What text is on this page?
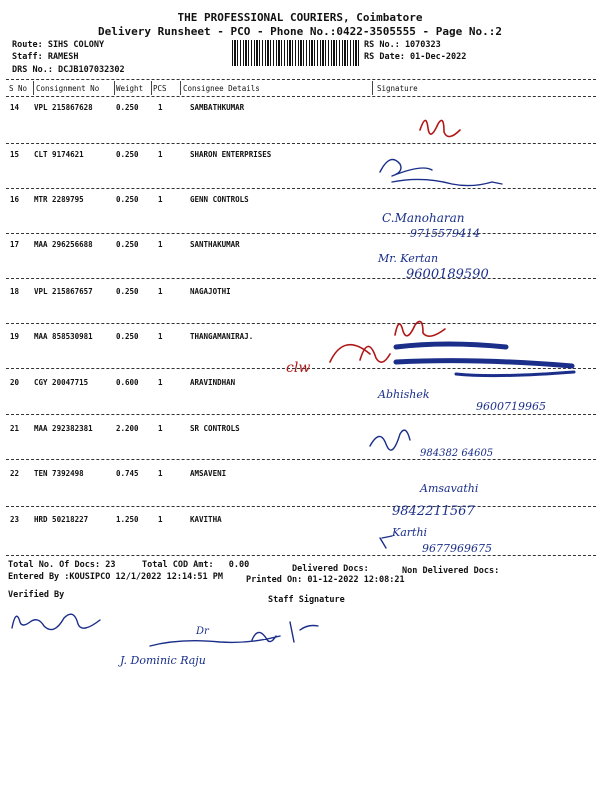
THE PROFESSIONAL COURIERS, Coimbatore
Delivery Runsheet - PCO - Phone No.:0422-3505555 - Page No.:2
Route: SIHS COLONY
Staff: RAMESH
DRS No.: DCJB107032302
RS No.: 1070323
RS Date: 01-Dec-2022
S No Consignment No Weight PCS Consignee Details	Signature
14 VPL 215867628	0.250	1	SAMBATHKUMAR
15 CLT 9174621	0.250	1	SHARON ENTERPRISES
16 MTR 2289795	0.250	1	GENN CONTROLS
17 MAA 296256688	0.250	1	SANTHAKUMAR
18 VPL 215867657	0.250	1	NAGAJOTHI
19 MAA 858530981	0.250	1	THANGAMANIRAJ.
20 CGY 20047715	0.600	1	ARAVINDHAN
21 MAA 292382381	2.200	1	SR CONTROLS
22 TEN 7392498	0.745	1	AMSAVENI
23 HRD 50218227	1.250	1	KAVITHA
C.Manoharan
9715579414
Mr. Kertan
9600189590
clw
Abhishek
9600719965
984382 64605
Amsavathi
9842211567
Karthi
9677969675
J. Dominic Raju
Dr
Total No. Of Docs: 23	Total COD Amt: 0.00	Delivered Docs:	Non Delivered Docs:
Entered By :KOUSIPCO 12/1/2022 12:14:51 PM	Printed On: 01-12-2022 12:08:21
Verified By	Staff Signature
